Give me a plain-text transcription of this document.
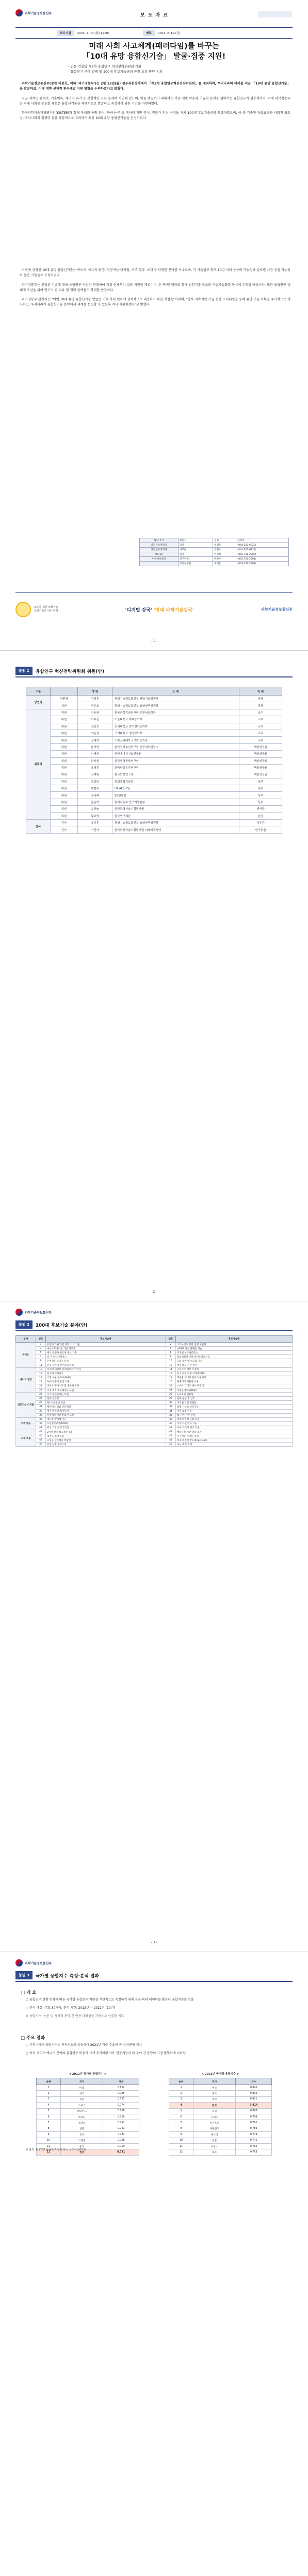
과학기술정보통신부	보도자료
보도시점	2023. 2. 13.(월) 12:00	배포	2023. 2. 10.(금)
미래 사회 사고체계(패러다임)를 바꾸는
「10대 유망 융합신기술」 발굴·집중 지원!
- 전문 컨설팅 제2차 융합연구 혁신전략위원회 개최
- 융합연구 분야 과제 및 100대 후보기술군의 중장 조정 방안 논의

과학기술정보통신부(장관 이종호, 이하 '과기정통부')는 2월 13일(월) 정부과천청사에서 「제2차 융합연구혁신전략위원회」를 개최하여, 우리나라의 미래를 이끌 「10대 유망 융합신기술」을 발굴하고, 이에 대한 선제적 연구개발 지원 방향을 논의하였다고 밝혔다.

지금 세계는 팬데믹, 기후변화, 에너지 위기 등 복합적인 사회 문제에 직면해 있으며, 이를 해결하기 위해서는 기존 개별 학문과 기술의 한계를 넘어서는 융합연구가 필수적이다. 이에 과기정통부는 미래 사회를 주도할 새로운 융합신기술을 체계적으로 발굴하고 육성하기 위한 기반을 마련하였다.

한국과학기술기획평가원(KISTEP)과 함께 국내외 동향 분석, 특허·논문 등 데이터 기반 분석, 전문가 의견 수렴을 거쳐 100대 후보기술군을 도출하였으며, 이 중 기술적 파급효과와 사회적 필요성, 우리나라의 경쟁력 등을 종합적으로 고려하여 최종 10대 유망 융합신기술을 선정하였다.

이번에 선정된 10대 유망 융합신기술은 바이오, 에너지·환경, 인공지능·디지털, 우주·항공, 소재 등 다양한 분야를 아우르며, 각 기술별로 향후 10년 이내 상용화 가능성과 글로벌 시장 선점 가능성이 높은 기술들로 구성되었다.

과기정통부는 선정된 기술에 대해 융합연구 사업과 연계하여 기획 단계부터 집중 지원할 계획이며, 산·학·연 협력을 통해 원천기술 확보와 기술사업화를 동시에 추진할 예정이다. 또한 융합연구 생태계 조성을 위해 연구자 간 교류 및 협력 플랫폼도 확대할 방침이다.

과기정통부 관계자는 "이번 10대 유망 융합신기술 발굴은 미래 사회 변화에 선제적으로 대응하기 위한 첫걸음"이라며, "향후 지속적인 기술 동향 모니터링을 통해 유망 기술 목록을 주기적으로 갱신하고, 우리나라가 융합신기술 분야에서 세계를 선도할 수 있도록 적극 지원하겠다"고 밝혔다.

담당 부서	책임자	성명	연락처
과학기술정책국	과장	홍길동	(044-202-6820)
융합연구정책과	사무관	김철수	(044-202-6821)
KISTEP	실장	이영희	(043-750-2300)
미래예측센터	연구위원	박민수	(043-750-2301)
	부연구위원	최지은	(043-750-2302)
모두를 위한 과학기술
과학기술로 여는 미래	'디지털 강국' '미래 과학기술강국'	과학기술정보통신부
- 1 -
붙임 1	융합연구 혁신전략위원회 위원(안)
구분		성 명	소 속	직 위
당연직	위원장	김정훈	과학기술정보통신부 과학기술정책국	국장
	위원	박준호	과학기술정보통신부 융합연구정책과	과장
위촉직	위원	김동원	한국과학기술원 바이오및뇌공학과	교수
	위원	이수진	서울대학교 재료공학부	교수
	위원	정민호	연세대학교 전기전자공학부	교수
	위원	최은정	고려대학교 생명과학부	교수
	위원	강태영	포항공과대학교 화학공학과	교수
	위원	윤서연	한국전자통신연구원 인공지능연구소	책임연구원
	위원	임재현	한국에너지기술연구원	책임연구원
	위원	한지원	한국생명공학연구원	책임연구원
	위원	오세훈	한국항공우주연구원	책임연구원
	위원	신예린	한국화학연구원	책임연구원
	위원	조성민	삼성종합기술원	상무
	위원	배현우	LG AI연구원	전무
	위원	권나래	SK텔레콤	상무
	위원	문준혁	현대자동차 연구개발본부	상무
	위원	송하늘	한국과학기술기획평가원	센터장
	위원	황보영	한국연구재단	단장
간사	간사	유지훈	과학기술정보통신부 융합연구정책과	사무관
	간사	서민아	한국과학기술기획평가원 미래예측센터	연구위원
- 2 -
과학기술정보통신부
붙임 2	100대 후보기술 분야(안)
분야	번호	후보기술명	번호	후보기술명
바이오	1	유전자 가위 기반 정밀 치료 기술	2	오가노이드 기반 질병 모델링
	3	마이크로바이옴 기반 치료제	4	mRNA 백신 플랫폼 기술
	5	세포·유전자 치료제 생산 기술	6	디지털 치료제(DTx)
	7	뇌-기계 인터페이스	8	합성생물학 기반 바이오파운드리
	9	단일세포 오믹스 분석	10	노화 제어 및 역노화 기술
	11	인공 장기 및 바이오프린팅	12	정밀 의료 진단 센서
에너지 환경	13	차세대 태양전지(페로브스카이트)	14	그린수소 생산 수전해
	15	전고체 이차전지	16	탄소 포집·활용·저장(CCUS)
	17	소형 모듈 원자로(SMR)	18	핵융합 에너지 플라즈마 제어
	19	차세대 풍력 발전 기술	20	폐배터리 재활용 기술
	21	바이오 플라스틱 및 생분해 소재	22	스마트 그리드 에너지 관리
	23	기후 예측 초고해상도 모델	24	직접공기포집(DAC)
인공지능 디지털	25	초거대 인공지능 모델	26	뉴로모픽 컴퓨팅
	27	양자 컴퓨팅	28	양자 통신 및 암호
	29	6G 이동통신 기술	30	디지털 트윈 플랫폼
	31	메타버스 실감 인터랙션	32	설명 가능한 인공지능
	33	엣지 컴퓨팅 AI 반도체	34	자율 로봇 지능
	35	블록체인 기반 신뢰 인프라	36	AI 기반 신약 설계
우주 항공	37	재사용 발사체 기술	38	초소형 위성 군집 운용
	39	도심항공교통(UAM)	40	우주 자원 탐사 기술
	41	위성 기반 광역 통신망	42	우주 쓰레기 제거 기술
소재 부품	43	2차원 신소재(그래핀 등)	44	메타물질 기반 광학 소자
	45	초전도 소재 응용	46	자가치유 스마트 소재
	47	고성능 탄소섬유 복합재	48	차세대 전력 반도체(SiC·GaN)
	49	유연·신축 전자소자	50	나노 촉매 소재
- 3 -
과학기술정보통신부
붙임 3	국가별 융합지수 측정·분석 결과
□ 개 요

○ 융합연구 현황 변화에 따른 국가별 융합연구 역량을 객관적으로 측정하기 위해 논문·특허 데이터를 활용한 융합지수를 산출

○ 분석 대상: 주요 30개국, 분석 기간: 2012년 ~ 2021년 (10년)

※ 융합지수: 논문 및 특허의 분야 간 인용 다양성을 기반으로 산출한 지표

□ 주요 결과

○ 우리나라의 융합지수는 지속적으로 상승하여 2021년 기준 주요국 중 상위권에 위치

○ 특히 바이오·에너지 분야의 융합연구 비중이 크게 증가하였으며, 인공지능과 타 분야 간 융합이 가장 활발하게 나타남

< 2012년 국가별 융합지수 >	< 2021년 국가별 융합지수 >
순위	국가	지수
1	미국	0.812
2	영국	0.795
3	독일	0.781
4	스위스	0.774
5	네덜란드	0.768
6	캐나다	0.759
7	프랑스	0.752
8	일본	0.741
9	호주	0.733
10	스웨덴	0.728
11	중국	0.719
12	한국	0.711
순위	국가	지수
1	미국	0.845
2	중국	0.832
3	영국	0.821
4	한국	0.814
5	독일	0.808
6	스위스	0.799
7	싱가포르	0.791
8	네덜란드	0.786
9	캐나다	0.779
10	일본	0.771
11	프랑스	0.765
12	호주	0.758
※ 출처: KISTEP 융합연구 동향 분석 보고서(2023)
